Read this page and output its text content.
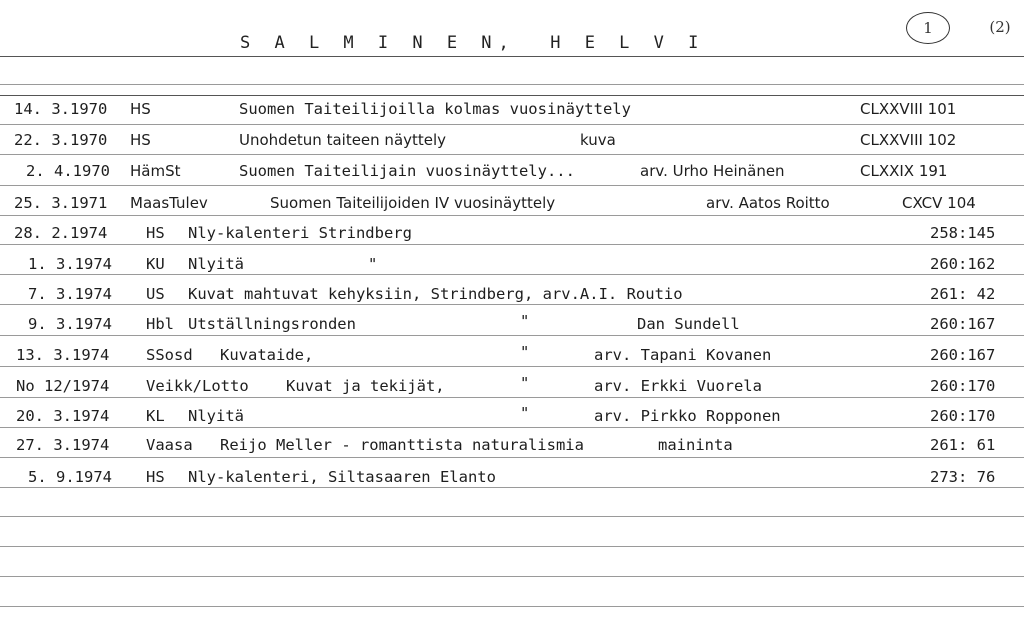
S A L M I N E N,  H E L V I
1	( 2 )
14. 3.1970 HS	Suomen Taiteilijoilla kolmas vuosinäyttely	CLXXVIII 101
22. 3.1970 HS	Unohdetun taiteen näyttely	kuva	CLXXVIII 102
2. 4.1970 HämSt	Suomen Taiteilijain vuosinäyttely...	arv. Urho Heinänen	CLXXIX 191
25. 3.1971 MaasTulev	Suomen Taiteilijoiden IV vuosinäyttely	arv. Aatos Roitto	CXCV 104
28. 2.1974 HS Nly-kalenteri Strindberg	258:145
1. 3.1974 KU Nlyitä	"	260:162
7. 3.1974 US Kuvat mahtuvat kehyksiin, Strindberg, arv.A.I. Routio	261: 42
9. 3.1974 Hbl Utställningsronden	"	Dan Sundell	260:167
13. 3.1974 SSosd Kuvataide,	"	arv. Tapani Kovanen	260:167
No 12/1974 Veikk/Lotto Kuvat ja tekijät,	"	arv. Erkki Vuorela	260:170
20. 3.1974 KL Nlyitä	"	arv. Pirkko Ropponen	260:170
27. 3.1974 Vaasa Reijo Meller - romanttista naturalismia	maininta	261: 61
5. 9.1974 HS Nly-kalenteri, Siltasaaren Elanto	273: 76
